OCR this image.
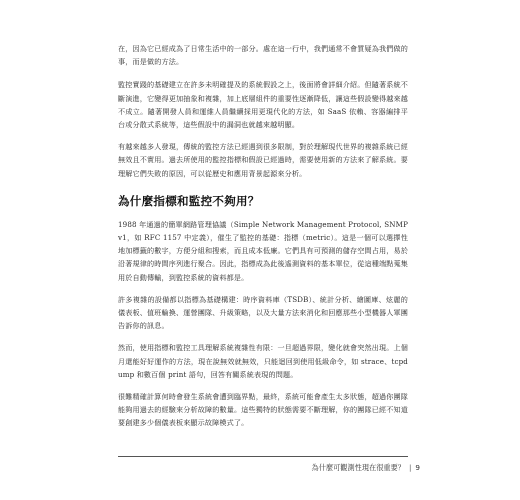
在，因為它已經成為了日常生活中的一部分。處在這一行中，我們通常不會質疑為我們做的事，而是做的方法。

監控實踐的基礎建立在許多未明確提及的系統假設之上，後面將會詳細介紹。但隨著系統不斷演進，它變得更加抽象和複雜，加上底層組件的重要性逐漸降低，讓這些假設變得越來越不成立。隨著開發人員和運維人員繼續採用更現代化的方法，如 SaaS 依賴、容器編排平台或分散式系統等，這些假設中的漏洞也就越來越明顯。

有越來越多人發現，傳統的監控方法已經遇到很多限制，對於理解現代世界的複雜系統已經無效且不實用。過去所使用的監控指標和假設已經過時，需要使用新的方法來了解系統。要理解它們失敗的原因，可以從歷史和應用背景起源來分析。

為什麼指標和監控不夠用？

1988 年通過的簡單網路管理協議（Simple Network Management Protocol, SNMPv1，如 RFC 1157 中定義），催生了監控的基礎：指標（metric）。這是一個可以選擇性地加標籤的數字，方便分組和搜索，而且成本低廉。它們具有可預測的儲存空間占用，易於沿著規律的時間序列進行聚合。因此，指標成為此後遙測資料的基本單位，從這種端點蒐集用於自動傳輸，到監控系統的資料都是。

許多複雜的設備都以指標為基礎構建：時序資料庫（TSDB）、統計分析、繪圖庫、炫麗的儀表板、值班輪換、運營團隊、升級策略，以及大量方法來消化和回應那些小型機器人軍團告訴你的訊息。

然而，使用指標和監控工具理解系統複雜性有限：一旦超過界限，變化就會突然出現。上個月還能好好運作的方法，現在說無效就無效，只能迴回到使用低級命令，如 strace、tcpdump 和數百個 print 語句，回答有關系統表現的問題。

很難精確計算何時會發生系統會遭到臨界點，最終，系統可能會產生太多狀態，超過你團隊能夠用過去的經驗來分析故障的數量。這些獨特的狀態需要不斷理解，你的團隊已經不知道要創建多少個儀表板來顯示故障模式了。

為什麼可觀測性現在很重要？ | 9
